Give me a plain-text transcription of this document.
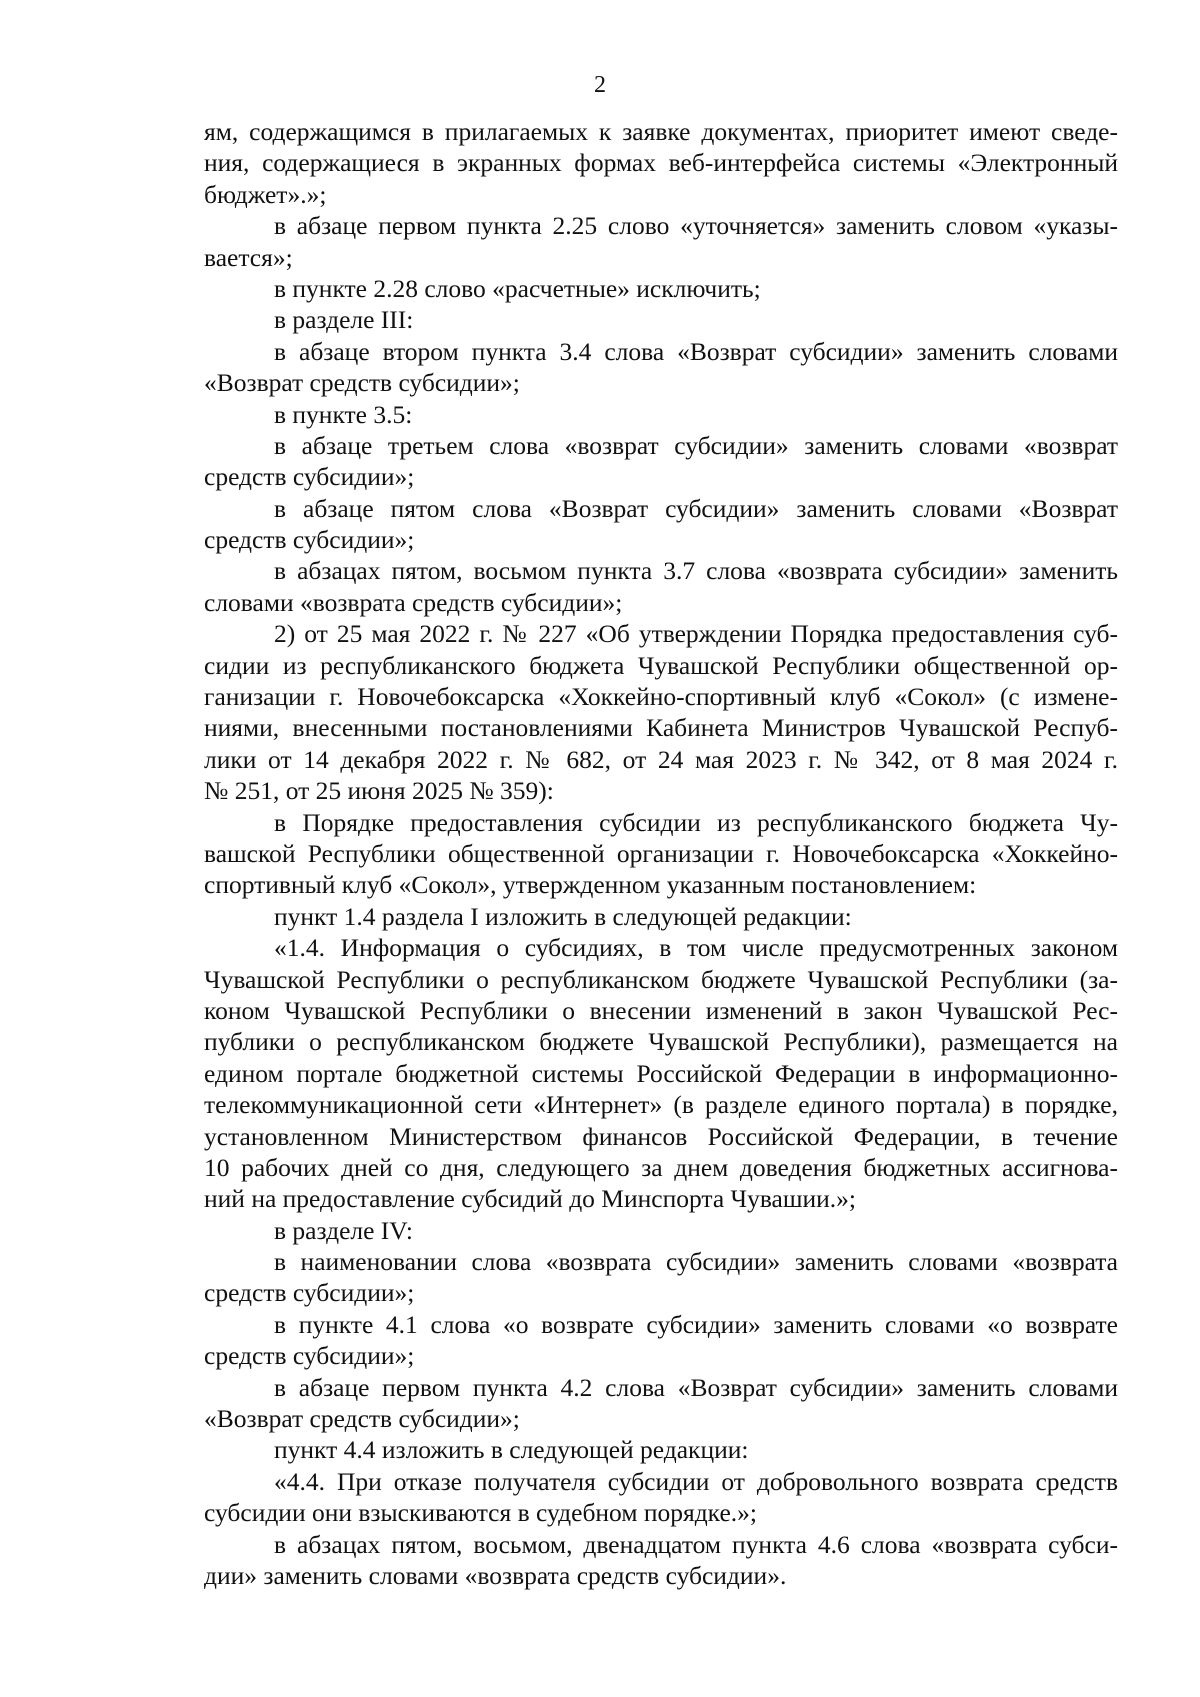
2
ям, содержащимся в прилагаемых к заявке документах, приоритет имеют сведе-
ния, содержащиеся в экранных формах веб-интерфейса системы «Электронный
бюджет».»;
в абзаце первом пункта 2.25 слово «уточняется» заменить словом «указы-
вается»;
в пункте 2.28 слово «расчетные» исключить;
в разделе III:
в абзаце втором пункта 3.4 слова «Возврат субсидии» заменить словами
«Возврат средств субсидии»;
в пункте 3.5:
в абзаце третьем слова «возврат субсидии» заменить словами «возврат
средств субсидии»;
в абзаце пятом слова «Возврат субсидии» заменить словами «Возврат
средств субсидии»;
в абзацах пятом, восьмом пункта 3.7 слова «возврата субсидии» заменить
словами «возврата средств субсидии»;
2) от 25 мая 2022 г. № 227 «Об утверждении Порядка предоставления суб-
сидии из республиканского бюджета Чувашской Республики общественной ор-
ганизации г. Новочебоксарска «Хоккейно-спортивный клуб «Сокол» (с измене-
ниями, внесенными постановлениями Кабинета Министров Чувашской Респуб-
лики от 14 декабря 2022 г. № 682, от 24 мая 2023 г. № 342, от 8 мая 2024 г.
№ 251, от 25 июня 2025 № 359):
в Порядке предоставления субсидии из республиканского бюджета Чу-
вашской Республики общественной организации г. Новочебоксарска «Хоккейно-
спортивный клуб «Сокол», утвержденном указанным постановлением:
пункт 1.4 раздела I изложить в следующей редакции:
«1.4. Информация о субсидиях, в том числе предусмотренных законом
Чувашской Республики о республиканском бюджете Чувашской Республики (за-
коном Чувашской Республики о внесении изменений в закон Чувашской Рес-
публики о республиканском бюджете Чувашской Республики), размещается на
едином портале бюджетной системы Российской Федерации в информационно-
телекоммуникационной сети «Интернет» (в разделе единого портала) в порядке,
установленном Министерством финансов Российской Федерации, в течение
10 рабочих дней со дня, следующего за днем доведения бюджетных ассигнова-
ний на предоставление субсидий до Минспорта Чувашии.»;
в разделе IV:
в наименовании слова «возврата субсидии» заменить словами «возврата
средств субсидии»;
в пункте 4.1 слова «о возврате субсидии» заменить словами «о возврате
средств субсидии»;
в абзаце первом пункта 4.2 слова «Возврат субсидии» заменить словами
«Возврат средств субсидии»;
пункт 4.4 изложить в следующей редакции:
«4.4. При отказе получателя субсидии от добровольного возврата средств
субсидии они взыскиваются в судебном порядке.»;
в абзацах пятом, восьмом, двенадцатом пункта 4.6 слова «возврата субси-
дии» заменить словами «возврата средств субсидии».
